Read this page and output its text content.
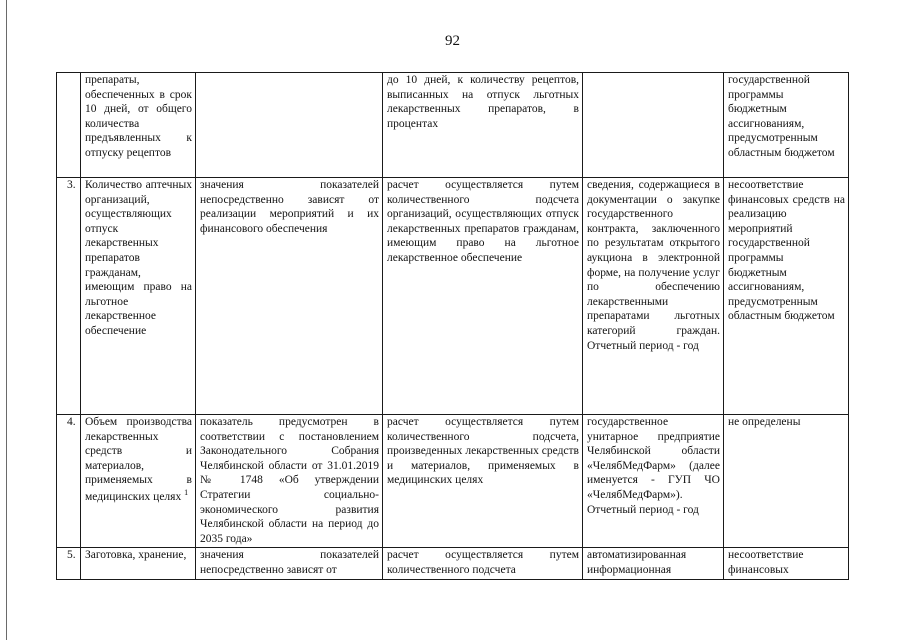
92
	препараты, обеспеченных в срок 10 дней, от общего количества предъявленных к отпуску рецептов		до 10 дней, к количеству рецептов, выписанных на отпуск льготных лекарственных препаратов, в процентах		государственной программы бюджетным ассигнованиям, предусмотренным областным бюджетом

3.	Количество аптечных организаций, осуществляющих отпуск лекарственных препаратов гражданам, имеющим право на льготное лекарственное обеспечение	значения показателей непосредственно зависят от реализации мероприятий и их финансового обеспечения	расчет осуществляется путем количественного подсчета организаций, осуществляющих отпуск лекарственных препаратов гражданам, имеющим право на льготное лекарственное обеспечение	сведения, содержащиеся в документации о закупке государственного контракта, заключенного по результатам открытого аукциона в электронной форме, на получение услуг по обеспечению лекарственными препаратами льготных категорий граждан. Отчетный период - год	несоответствие финансовых средств на реализацию мероприятий государственной программы бюджетным ассигнованиям, предусмотренным областным бюджетом

4.	Объем производства лекарственных средств и материалов, применяемых в медицинских целях $^1$	показатель предусмотрен в соответствии с постановлением Законодательного Собрания Челябинской области от 31.01.2019 № 1748 «Об утверждении Стратегии социально-экономического развития Челябинской области на период до 2035 года»	расчет осуществляется путем количественного подсчета, произведенных лекарственных средств и материалов, применяемых в медицинских целях	государственное унитарное предприятие Челябинской области «ЧелябМедФарм» (далее именуется - ГУП ЧО «ЧелябМедФарм»). Отчетный период - год	не определены

5.	Заготовка, хранение,	значения показателей непосредственно зависят от	расчет осуществляется путем количественного подсчета	автоматизированная информационная	несоответствие финансовых
